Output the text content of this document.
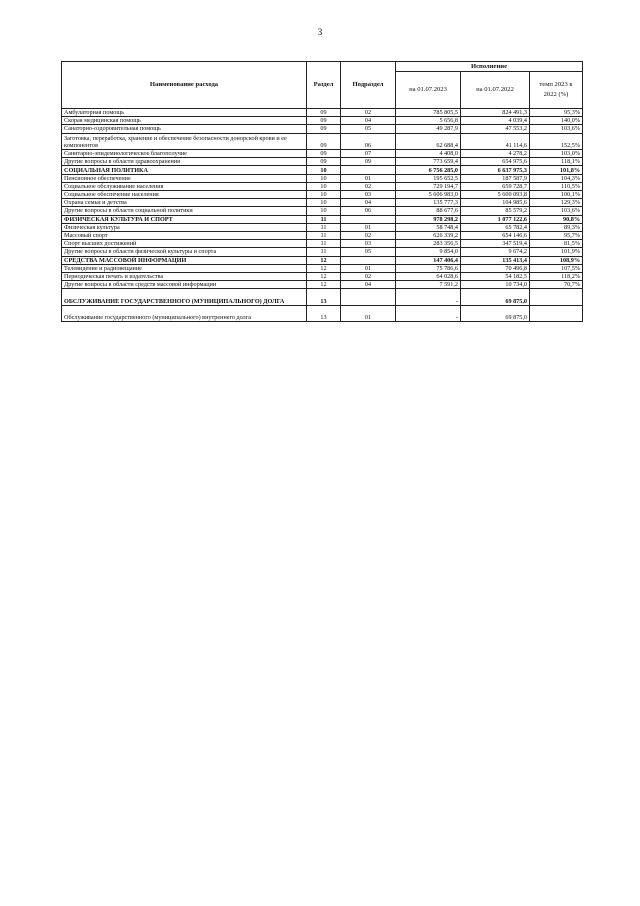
3
Наименование расхода	Раздел	Подраздел	Исполнение		
			на 01.07.2023	на 01.07.2022	темп 2023 к 2022 (%)
Амбулаторная помощь	09	02	785 805,5	824 491,3	95,3%
Скорая медицинская помощь	09	04	5 656,8	4 039,4	140,0%
Санаторно-оздоровительная помощь	09	05	49 287,9	47 553,2	103,6%
Заготовка, переработка, хранение и обеспечение безопасности донорской крови и ее компонентов	09	06	62 688,4	41 114,6	152,5%
Санитарно-эпидемиологическое благополучие	09	07	4 408,0	4 278,2	103,0%
Другие вопросы в области здравоохранения	09	09	773 659,4	654 975,6	118,1%
СОЦИАЛЬНАЯ ПОЛИТИКА	10		6 756 285,0	6 637 975,3	101,8%
Пенсионное обеспечение	10	01	195 652,5	187 587,9	104,3%
Социальное обслуживание населения	10	02	729 194,7	659 728,7	110,5%
Социальное обеспечение населения	10	03	5 606 983,0	5 600 093,8	100,1%
Охрана семьи и детства	10	04	135 777,3	104 985,6	129,3%
Другие вопросы в области социальной политики	10	06	88 677,6	85 579,2	103,6%
ФИЗИЧЕСКАЯ КУЛЬТУРА И СПОРТ	11		978 298,2	1 077 122,6	90,8%
Физическая культура	11	01	58 748,4	65 782,4	89,3%
Массовый спорт	11	02	626 339,2	654 146,6	95,7%
Спорт высших достижений	11	03	283 356,5	347 519,4	81,5%
Другие вопросы в области физической культуры и спорта	11	05	9 854,0	9 674,2	101,9%
СРЕДСТВА МАССОВОЙ ИНФОРМАЦИИ	12		147 406,4	135 413,4	108,9%
Телевидение и радиовещание	12	01	75 786,6	70 496,8	107,5%
Периодическая печать и издательства	12	02	64 028,6	54 182,5	118,2%
Другие вопросы в области средств массовой информации	12	04	7 591,2	10 734,0	70,7%
ОБСЛУЖИВАНИЕ ГОСУДАРСТВЕННОГО (МУНИЦИПАЛЬНОГО) ДОЛГА	13		-	69 875,0	
Обслуживание государственного (муниципального) внутреннего долга	13	01	-	69 875,0	
